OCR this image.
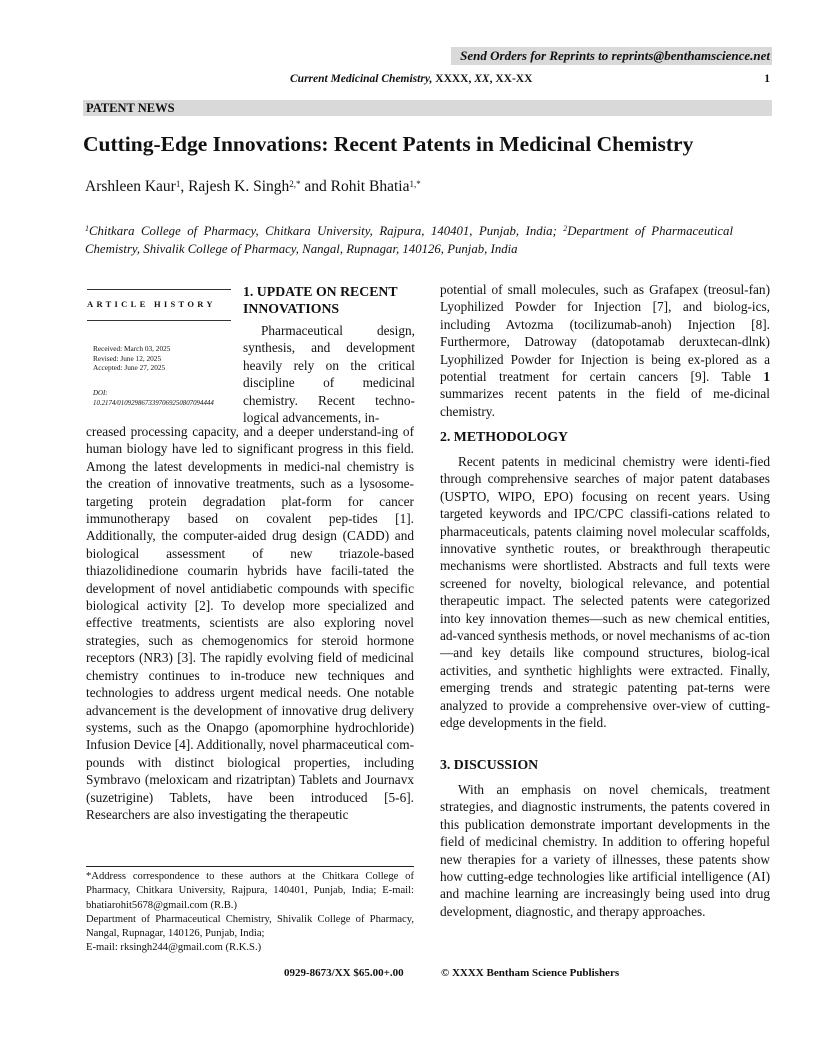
Send Orders for Reprints to reprints@benthamscience.net
Current Medicinal Chemistry, XXXX, XX, XX-XX	1
PATENT NEWS
Cutting-Edge Innovations: Recent Patents in Medicinal Chemistry
Arshleen Kaur$^1$, Rajesh K. Singh$^{2,*}$ and Rohit Bhatia$^{1,*}$
$^1$Chitkara College of Pharmacy, Chitkara University, Rajpura, 140401, Punjab, India; $^2$Department of Pharmaceutical Chemistry, Shivalik College of Pharmacy, Nangal, Rupnagar, 140126, Punjab, India
ARTICLE HISTORY
Received: March 03, 2025
Revised: June 12, 2025
Accepted: June 27, 2025
DOI:
10.2174/0109298673397069250807094444
1. UPDATE ON RECENT
INNOVATIONS

Pharmaceutical design, synthesis, and development heavily rely on the critical discipline of medicinal chemistry. Recent techno-logical advancements, in-

creased processing capacity, and a deeper understand-ing of human biology have led to significant progress in this field. Among the latest developments in medici-nal chemistry is the creation of innovative treatments, such as a lysosome-targeting protein degradation plat-form for cancer immunotherapy based on covalent pep-tides [1]. Additionally, the computer-aided drug design (CADD) and biological assessment of new triazole-based thiazolidinedione coumarin hybrids have facili-tated the development of novel antidiabetic compounds with specific biological activity [2]. To develop more specialized and effective treatments, scientists are also exploring novel strategies, such as chemogenomics for steroid hormone receptors (NR3) [3]. The rapidly evolving field of medicinal chemistry continues to in-troduce new techniques and technologies to address urgent medical needs. One notable advancement is the development of innovative drug delivery systems, such as the Onapgo (apomorphine hydrochloride) Infusion Device [4]. Additionally, novel pharmaceutical com-pounds with distinct biological properties, including Symbravo (meloxicam and rizatriptan) Tablets and Journavx (suzetrigine) Tablets, have been introduced [5-6]. Researchers are also investigating the therapeutic

*Address correspondence to these authors at the Chitkara College of Pharmacy, Chitkara University, Rajpura, 140401, Punjab, India; E-mail: bhatiarohit5678@gmail.com (R.B.)

Department of Pharmaceutical Chemistry, Shivalik College of Pharmacy, Nangal, Rupnagar, 140126, Punjab, India;

E-mail: rksingh244@gmail.com (R.K.S.)

potential of small molecules, such as Grafapex (treosul-fan) Lyophilized Powder for Injection [7], and biolog-ics, including Avtozma (tocilizumab-anoh) Injection [8]. Furthermore, Datroway (datopotamab deruxtecan-dlnk) Lyophilized Powder for Injection is being ex-plored as a potential treatment for certain cancers [9]. Table 1 summarizes recent patents in the field of me-dicinal chemistry.

2. METHODOLOGY

Recent patents in medicinal chemistry were identi-fied through comprehensive searches of major patent databases (USPTO, WIPO, EPO) focusing on recent years. Using targeted keywords and IPC/CPC classifi-cations related to pharmaceuticals, patents claiming novel molecular scaffolds, innovative synthetic routes, or breakthrough therapeutic mechanisms were shortlisted. Abstracts and full texts were screened for novelty, biological relevance, and potential therapeutic impact. The selected patents were categorized into key innovation themes—such as new chemical entities, ad-vanced synthesis methods, or novel mechanisms of ac-tion—and key details like compound structures, biolog-ical activities, and synthetic highlights were extracted. Finally, emerging trends and strategic patenting pat-terns were analyzed to provide a comprehensive over-view of cutting-edge developments in the field.

3. DISCUSSION

With an emphasis on novel chemicals, treatment strategies, and diagnostic instruments, the patents covered in this publication demonstrate important developments in the field of medicinal chemistry. In addition to offering hopeful new therapies for a variety of illnesses, these patents show how cutting-edge technologies like artificial intelligence (AI) and machine learning are increasingly being used into drug development, diagnostic, and therapy approaches.

0929-8673/XX $65.00+.00	© XXXX Bentham Science Publishers
